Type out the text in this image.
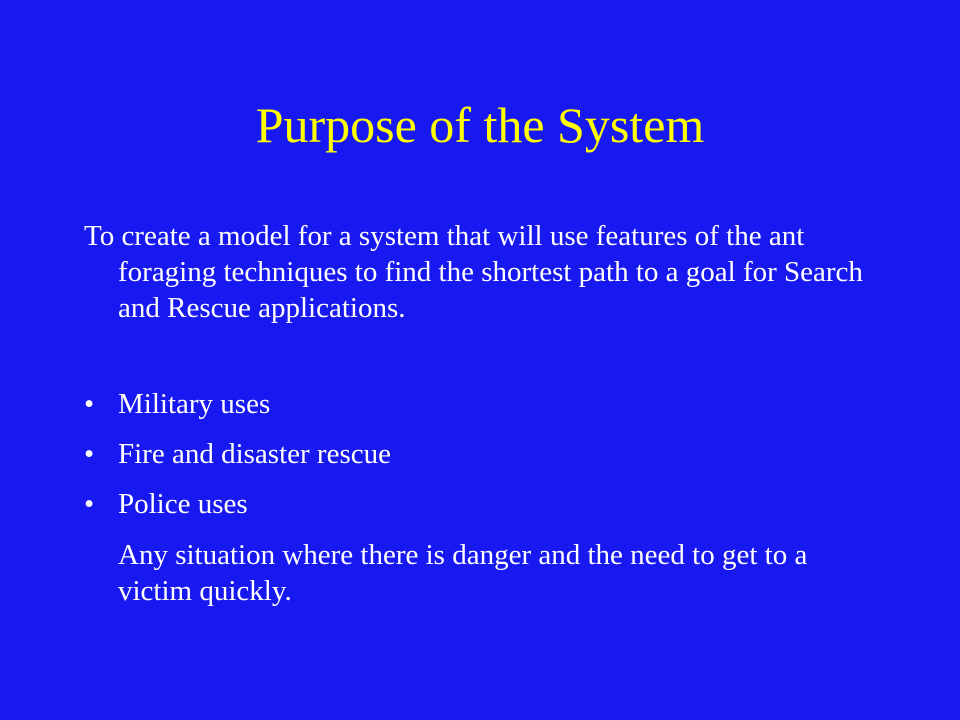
Purpose of the System

To create a model for a system that will use features of the ant foraging techniques to find the shortest path to a goal for Search and Rescue applications.

• Military uses
• Fire and disaster rescue
• Police uses

Any situation where there is danger and the need to get to a victim quickly.
